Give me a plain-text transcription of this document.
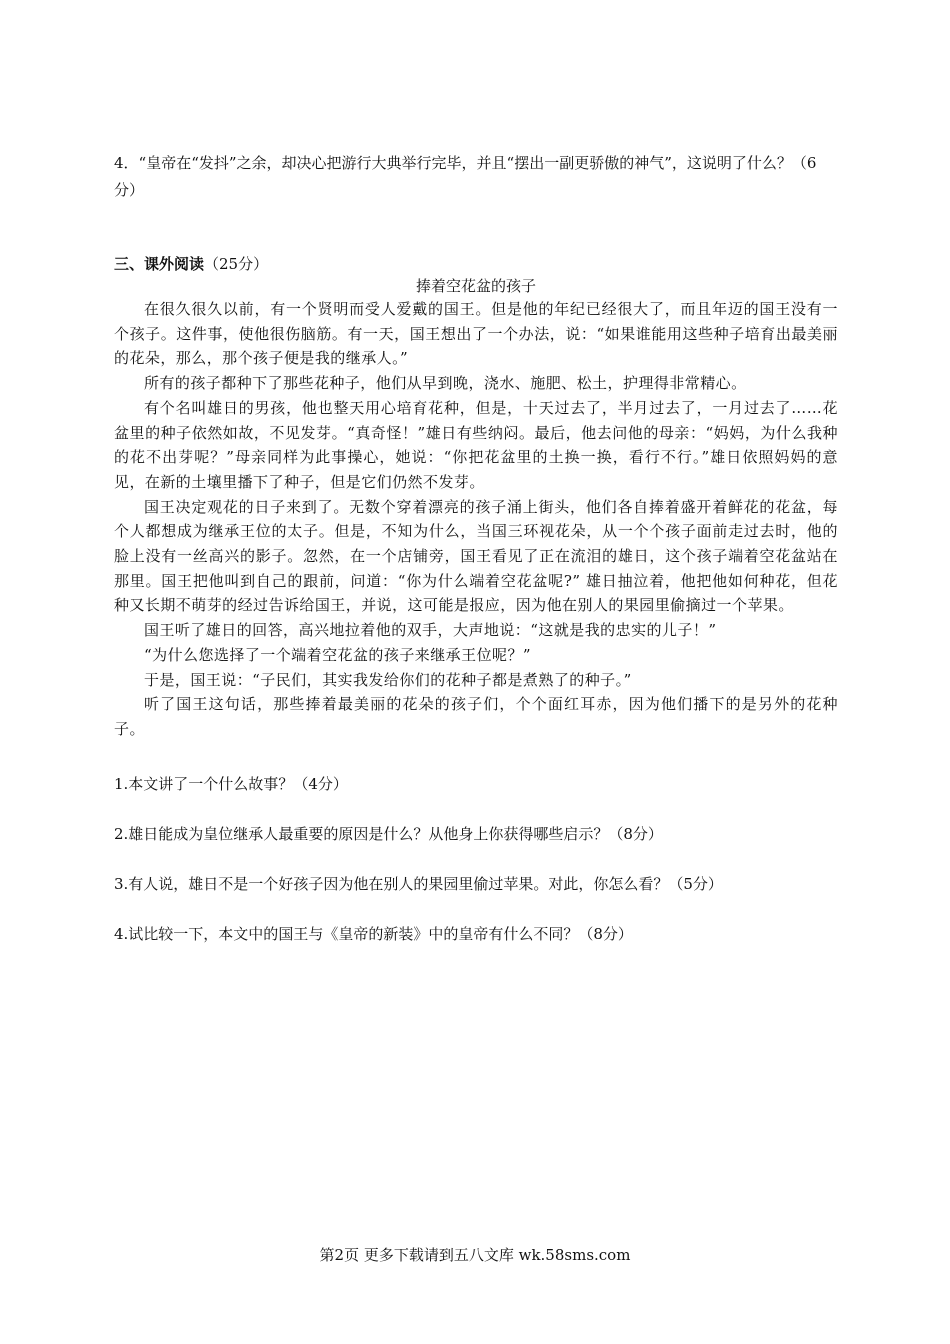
4．“皇帝在“发抖”之余，却决心把游行大典举行完毕，并且“摆出一副更骄傲的神气”，这说明了什么？（6分）

三、课外阅读（25分）

捧着空花盆的孩子

在很久很久以前，有一个贤明而受人爱戴的国王。但是他的年纪已经很大了，而且年迈的国王没有一个孩子。这件事，使他很伤脑筋。有一天，国王想出了一个办法，说：“如果谁能用这些种子培育出最美丽的花朵，那么，那个孩子便是我的继承人。”

所有的孩子都种下了那些花种子，他们从早到晚，浇水、施肥、松土，护理得非常精心。

有个名叫雄日的男孩，他也整天用心培育花种，但是，十天过去了，半月过去了，一月过去了……花盆里的种子依然如故，不见发芽。“真奇怪！”雄日有些纳闷。最后，他去问他的母亲：“妈妈，为什么我种的花不出芽呢？”母亲同样为此事操心，她说：“你把花盆里的土换一换，看行不行。”雄日依照妈妈的意见，在新的土壤里播下了种子，但是它们仍然不发芽。

国王决定观花的日子来到了。无数个穿着漂亮的孩子涌上街头，他们各自捧着盛开着鲜花的花盆，每个人都想成为继承王位的太子。但是，不知为什么，当国三环视花朵，从一个个孩子面前走过去时，他的脸上没有一丝高兴的影子。忽然，在一个店铺旁，国王看见了正在流泪的雄日，这个孩子端着空花盆站在那里。国王把他叫到自己的跟前，问道：“你为什么端着空花盆呢?” 雄日抽泣着，他把他如何种花，但花种又长期不萌芽的经过告诉给国王，并说，这可能是报应，因为他在别人的果园里偷摘过一个苹果。

国王听了雄日的回答，高兴地拉着他的双手，大声地说：“这就是我的忠实的儿子！”

“为什么您选择了一个端着空花盆的孩子来继承王位呢？”

于是，国王说：“子民们，其实我发给你们的花种子都是煮熟了的种子。”

听了国王这句话，那些捧着最美丽的花朵的孩子们，个个面红耳赤，因为他们播下的是另外的花种子。

1.本文讲了一个什么故事？（4分）

2.雄日能成为皇位继承人最重要的原因是什么？从他身上你获得哪些启示？（8分）

3.有人说，雄日不是一个好孩子因为他在别人的果园里偷过苹果。对此，你怎么看？（5分）

4.试比较一下，本文中的国王与《皇帝的新装》中的皇帝有什么不同？（8分）

第2页 更多下载请到五八文库 wk.58sms.com
